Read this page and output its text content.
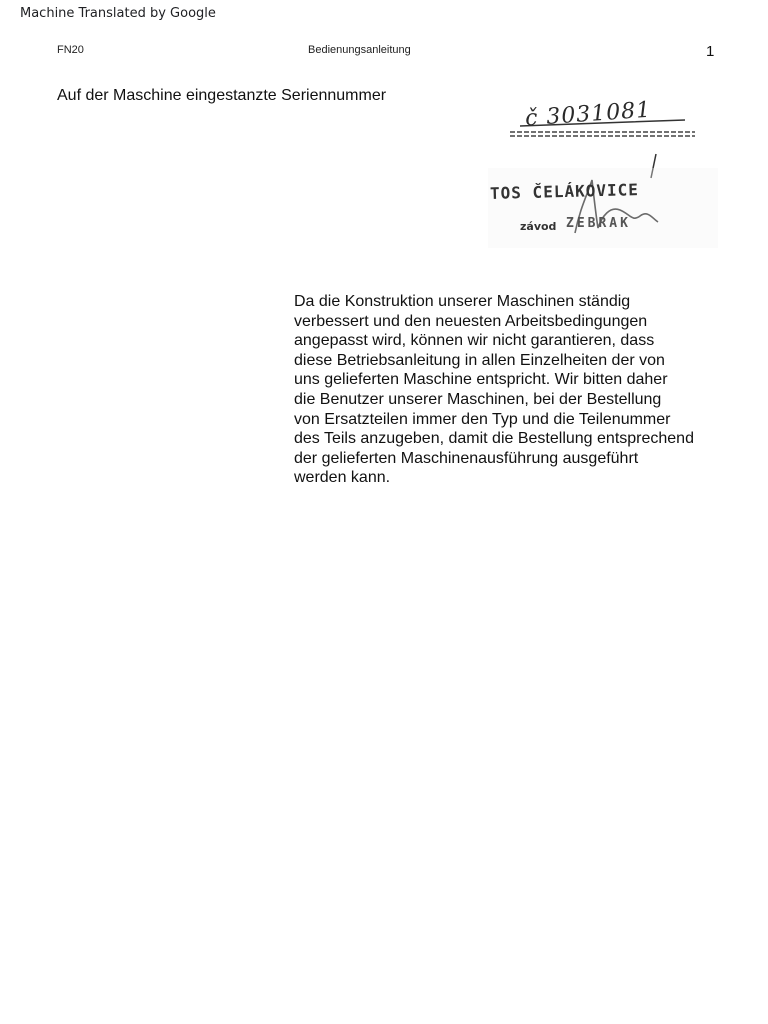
Machine Translated by Google
FN20	Bedienungsanleitung	1
Auf der Maschine eingestanzte Seriennummer
č 3031081
TOS ČELÁKOVICE
závod ZEBRAK
Da die Konstruktion unserer Maschinen ständig
verbessert und den neuesten Arbeitsbedingungen
angepasst wird, können wir nicht garantieren, dass
diese Betriebsanleitung in allen Einzelheiten der von
uns gelieferten Maschine entspricht. Wir bitten daher
die Benutzer unserer Maschinen, bei der Bestellung
von Ersatzteilen immer den Typ und die Teilenummer
des Teils anzugeben, damit die Bestellung entsprechend
der gelieferten Maschinenausführung ausgeführt
werden kann.
